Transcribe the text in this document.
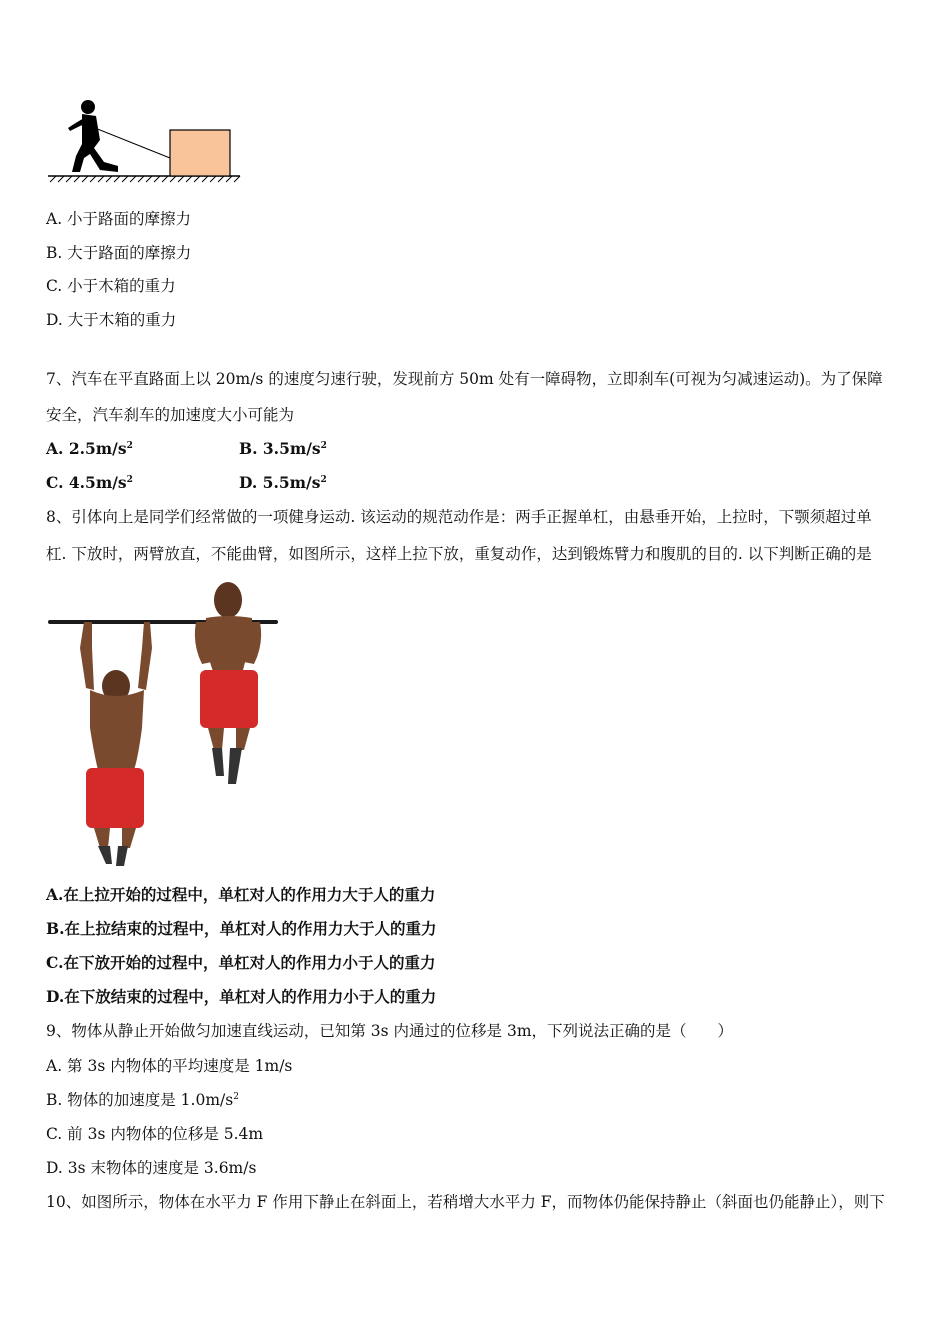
A. 小于路面的摩擦力
B. 大于路面的摩擦力
C. 小于木箱的重力
D. 大于木箱的重力
7、汽车在平直路面上以 20m/s 的速度匀速行驶，发现前方 50m 处有一障碍物，立即刹车(可视为匀减速运动)。为了保障
安全，汽车刹车的加速度大小可能为
A. $2.5m/s^2$	B. $3.5m/s^2$
C. $4.5m/s^2$	D. $5.5m/s^2$
8、引体向上是同学们经常做的一项健身运动. 该运动的规范动作是：两手正握单杠，由悬垂开始，上拉时，下颚须超过单
杠. 下放时，两臂放直，不能曲臂，如图所示，这样上拉下放，重复动作，达到锻炼臂力和腹肌的目的. 以下判断正确的是
A.在上拉开始的过程中，单杠对人的作用力大于人的重力
B.在上拉结束的过程中，单杠对人的作用力大于人的重力
C.在下放开始的过程中，单杠对人的作用力小于人的重力
D.在下放结束的过程中，单杠对人的作用力小于人的重力
9、物体从静止开始做匀加速直线运动，已知第 3s 内通过的位移是 3m，下列说法正确的是（　　）
A. 第 3s 内物体的平均速度是 1m/s
B. 物体的加速度是 $1.0m/s^2$
C. 前 3s 内物体的位移是 5.4m
D. 3s 末物体的速度是 3.6m/s
10、如图所示，物体在水平力 F 作用下静止在斜面上，若稍增大水平力 F，而物体仍能保持静止（斜面也仍能静止），则下
